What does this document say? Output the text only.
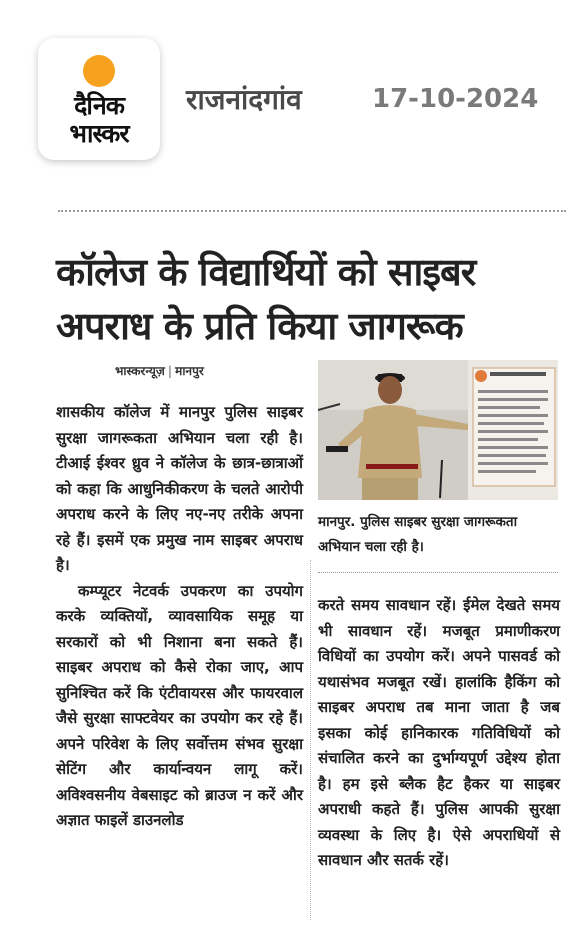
दैनिक
भास्कर
राजनांदगांव	17-10-2024
कॉलेज के विद्यार्थियों को साइबर
अपराध के प्रति किया जागरूक
भास्करन्यूज़ | मानपुर

शासकीय कॉलेज में मानपुर पुलिस साइबर सुरक्षा जागरूकता अभियान चला रही है। टीआई ईश्वर ध्रुव ने कॉलेज के छात्र-छात्राओं को कहा कि आधुनिकीकरण के चलते आरोपी अपराध करने के लिए नए-नए तरीके अपना रहे हैं। इसमें एक प्रमुख नाम साइबर अपराध है।

कम्प्यूटर नेटवर्क उपकरण का उपयोग करके व्यक्तियों, व्यावसायिक समूह या सरकारों को भी निशाना बना सकते हैं। साइबर अपराध को कैसे रोका जाए, आप सुनिश्चित करें कि एंटीवायरस और फायरवाल जैसे सुरक्षा साफ्टवेयर का उपयोग कर रहे हैं। अपने परिवेश के लिए सर्वोत्तम संभव सुरक्षा सेटिंग और कार्यान्वयन लागू करें। अविश्वसनीय वेबसाइट को ब्राउज न करें और अज्ञात फाइलें डाउनलोड

मानपुर. पुलिस साइबर सुरक्षा जागरूकता अभियान चला रही है।

करते समय सावधान रहें। ईमेल देखते समय भी सावधान रहें। मजबूत प्रमाणीकरण विधियों का उपयोग करें। अपने पासवर्ड को यथासंभव मजबूत रखें। हालांकि हैकिंग को साइबर अपराध तब माना जाता है जब इसका कोई हानिकारक गतिविधियों को संचालित करने का दुर्भाग्यपूर्ण उद्देश्य होता है। हम इसे ब्लैक हैट हैकर या साइबर अपराधी कहते हैं। पुलिस आपकी सुरक्षा व्यवस्था के लिए है। ऐसे अपराधियों से सावधान और सतर्क रहें।
